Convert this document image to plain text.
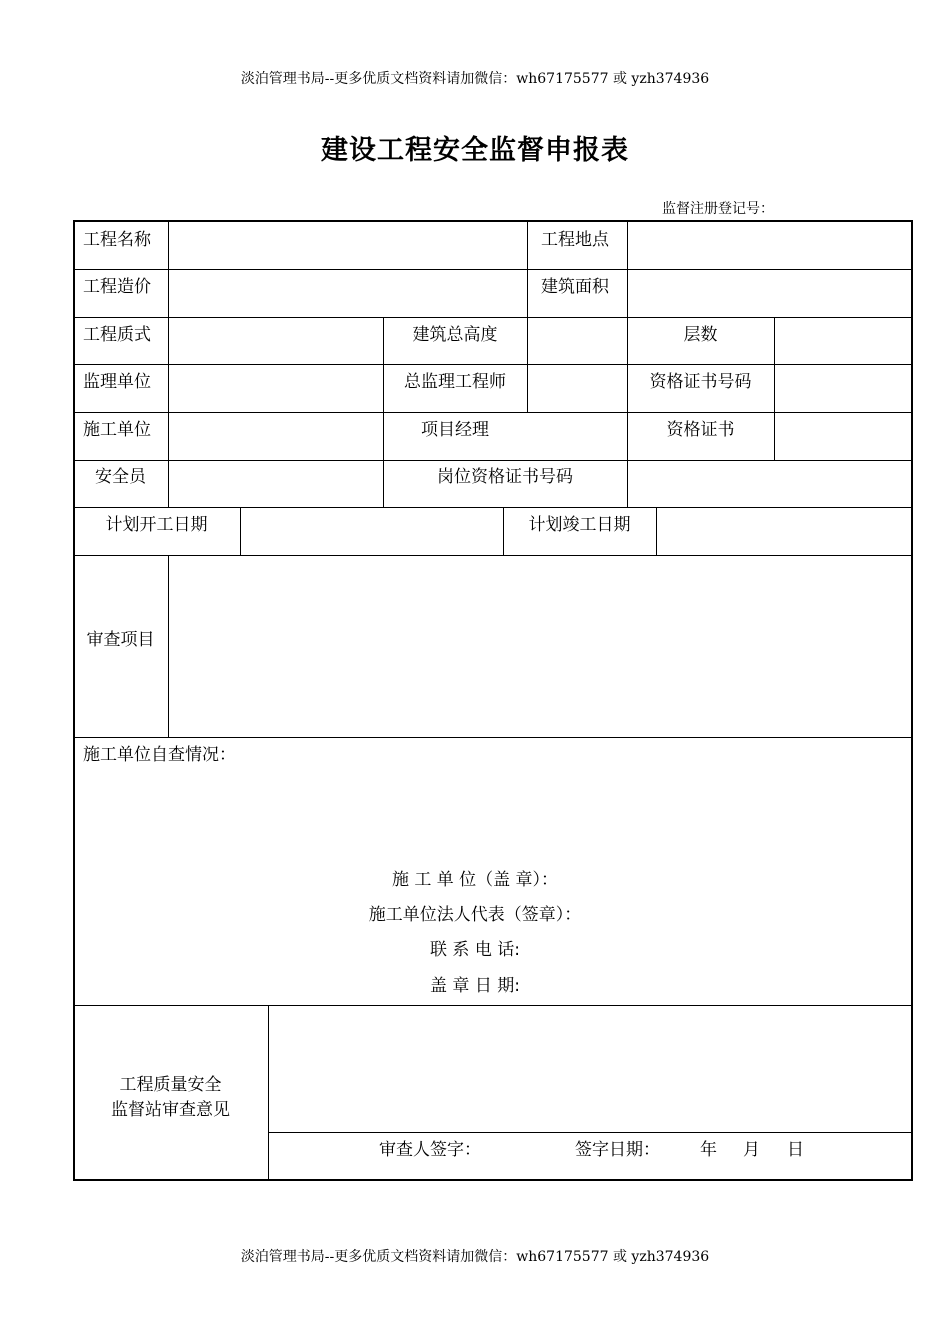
淡泊管理书局--更多优质文档资料请加微信：wh67175577 或 yzh374936
建设工程安全监督申报表
监督注册登记号：
工程名称	工程地点
工程造价	建筑面积
工程质式	建筑总高度	层数
监理单位	总监理工程师	资格证书号码
施工单位	项目经理	资格证书
安全员	岗位资格证书号码
计划开工日期	计划竣工日期
审查项目
施工单位自查情况：
施 工 单 位（盖 章）：
施工单位法人代表（签章）：
联 系 电 话:
盖 章 日 期:
工程质量安全
监督站审查意见
审查人签字：	签字日期： 年 月 日
淡泊管理书局--更多优质文档资料请加微信：wh67175577 或 yzh374936
